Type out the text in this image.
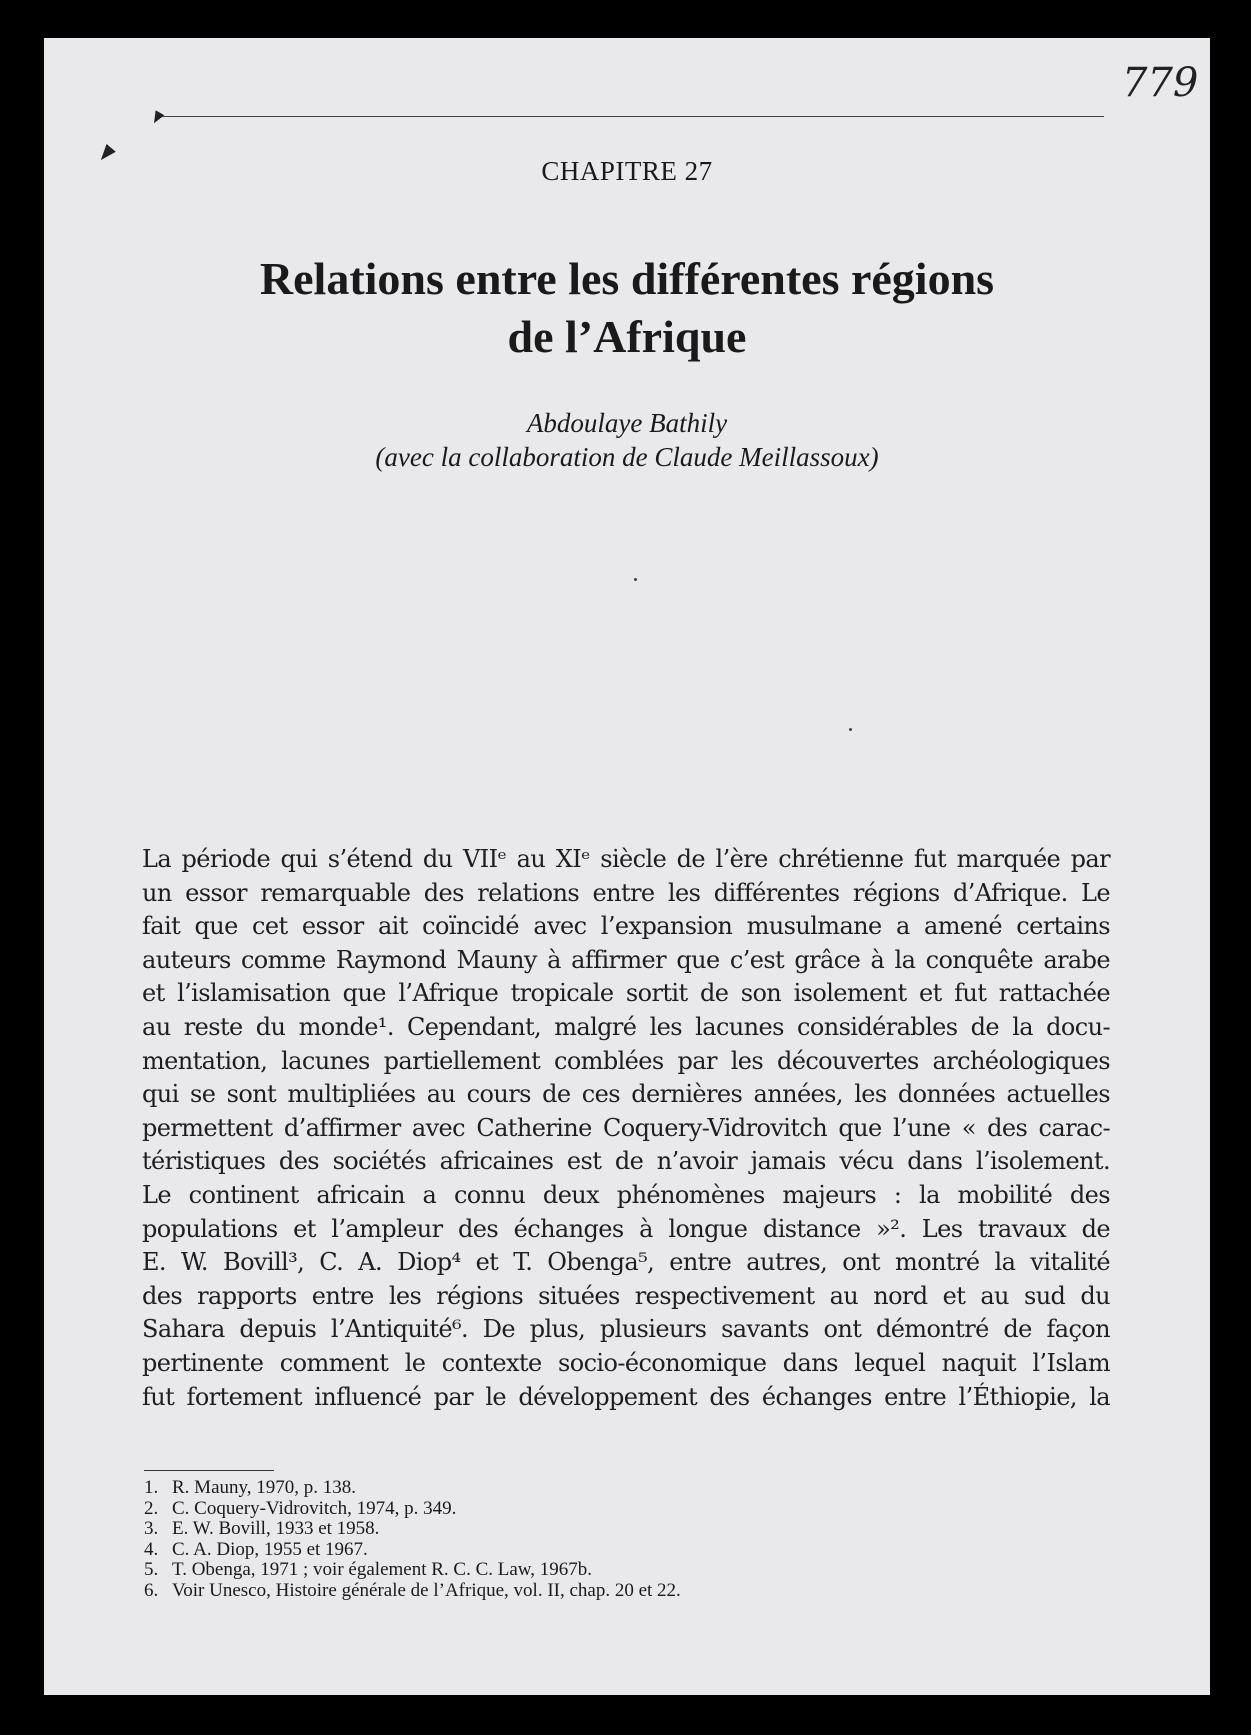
779
CHAPITRE 27
Relations entre les différentes régions
de l’Afrique
Abdoulaye Bathily
(avec la collaboration de Claude Meillassoux)
La période qui s’étend du VIIᵉ au XIᵉ siècle de l’ère chrétienne fut marquée par
un essor remarquable des relations entre les différentes régions d’Afrique. Le
fait que cet essor ait coïncidé avec l’expansion musulmane a amené certains
auteurs comme Raymond Mauny à affirmer que c’est grâce à la conquête arabe
et l’islamisation que l’Afrique tropicale sortit de son isolement et fut rattachée
au reste du monde¹. Cependant, malgré les lacunes considérables de la docu-
mentation, lacunes partiellement comblées par les découvertes archéologiques
qui se sont multipliées au cours de ces dernières années, les données actuelles
permettent d’affirmer avec Catherine Coquery-Vidrovitch que l’une « des carac-
téristiques des sociétés africaines est de n’avoir jamais vécu dans l’isolement.
Le continent africain a connu deux phénomènes majeurs : la mobilité des
populations et l’ampleur des échanges à longue distance »². Les travaux de
E. W. Bovill³, C. A. Diop⁴ et T. Obenga⁵, entre autres, ont montré la vitalité
des rapports entre les régions situées respectivement au nord et au sud du
Sahara depuis l’Antiquité⁶. De plus, plusieurs savants ont démontré de façon
pertinente comment le contexte socio-économique dans lequel naquit l’Islam
fut fortement influencé par le développement des échanges entre l’Éthiopie, la
1. R. Mauny, 1970, p. 138.
2. C. Coquery-Vidrovitch, 1974, p. 349.
3. E. W. Bovill, 1933 et 1958.
4. C. A. Diop, 1955 et 1967.
5. T. Obenga, 1971 ; voir également R. C. C. Law, 1967b.
6. Voir Unesco, Histoire générale de l’Afrique, vol. II, chap. 20 et 22.
